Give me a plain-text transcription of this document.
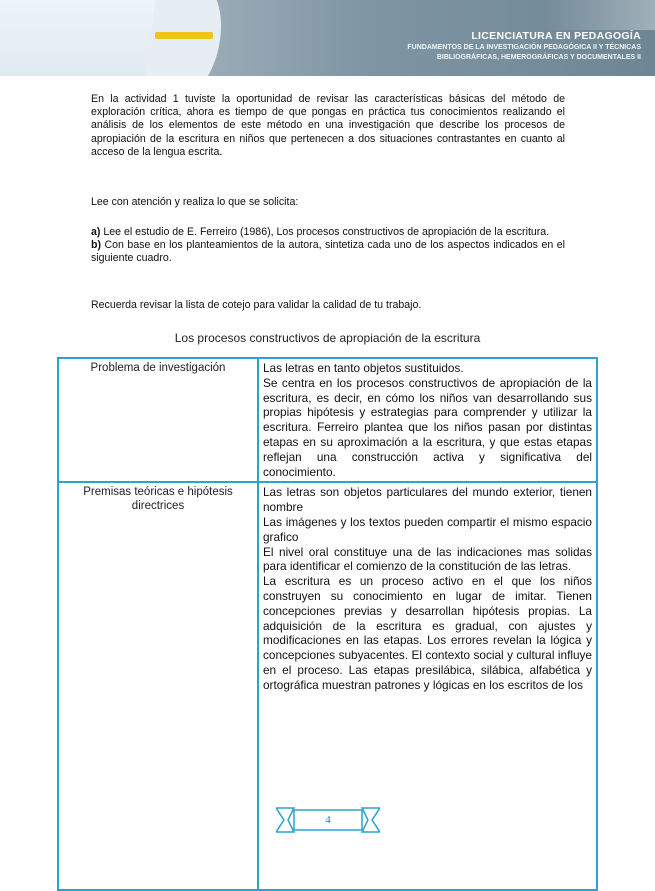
LICENCIATURA EN PEDAGOGÍA
FUNDAMENTOS DE LA INVESTIGACIÓN PEDAGÓGICA II Y TÉCNICAS
BIBLIOGRÁFICAS, HEMEROGRÁFICAS Y DOCUMENTALES II
En la actividad 1 tuviste la oportunidad de revisar las características básicas del método de exploración crítica, ahora es tiempo de que pongas en práctica tus conocimientos realizando el análisis de los elementos de este método en una investigación que describe los procesos de apropiación de la escritura en niños que pertenecen a dos situaciones contrastantes en cuanto al acceso de la lengua escrita.
Lee con atención y realiza lo que se solicita:
a) Lee el estudio de E. Ferreiro (1986), Los procesos constructivos de apropiación de la escritura.
b) Con base en los planteamientos de la autora, sintetiza cada uno de los aspectos indicados en el siguiente cuadro.
Recuerda revisar la lista de cotejo para validar la calidad de tu trabajo.
Los procesos constructivos de apropiación de la escritura
Problema de investigación	Las letras en tanto objetos sustituidos.

Se centra en los procesos constructivos de apropiación de la escritura, es decir, en cómo los niños van desarrollando sus propias hipótesis y estrategias para comprender y utilizar la escritura. Ferreiro plantea que los niños pasan por distintas etapas en su aproximación a la escritura, y que estas etapas reflejan una construcción activa y significativa del conocimiento.

Premisas teóricas e hipótesis directrices	Las letras son objetos particulares del mundo exterior, tienen nombre

Las imágenes y los textos pueden compartir el mismo espacio grafico

El nivel oral constituye una de las indicaciones mas solidas para identificar el comienzo de la constitución de las letras.

La escritura es un proceso activo en el que los niños construyen su conocimiento en lugar de imitar. Tienen concepciones previas y desarrollan hipótesis propias. La adquisición de la escritura es gradual, con ajustes y modificaciones en las etapas. Los errores revelan la lógica y concepciones subyacentes. El contexto social y cultural influye en el proceso. Las etapas presilábica, silábica, alfabética y ortográfica muestran patrones y lógicas en los escritos de los

4
